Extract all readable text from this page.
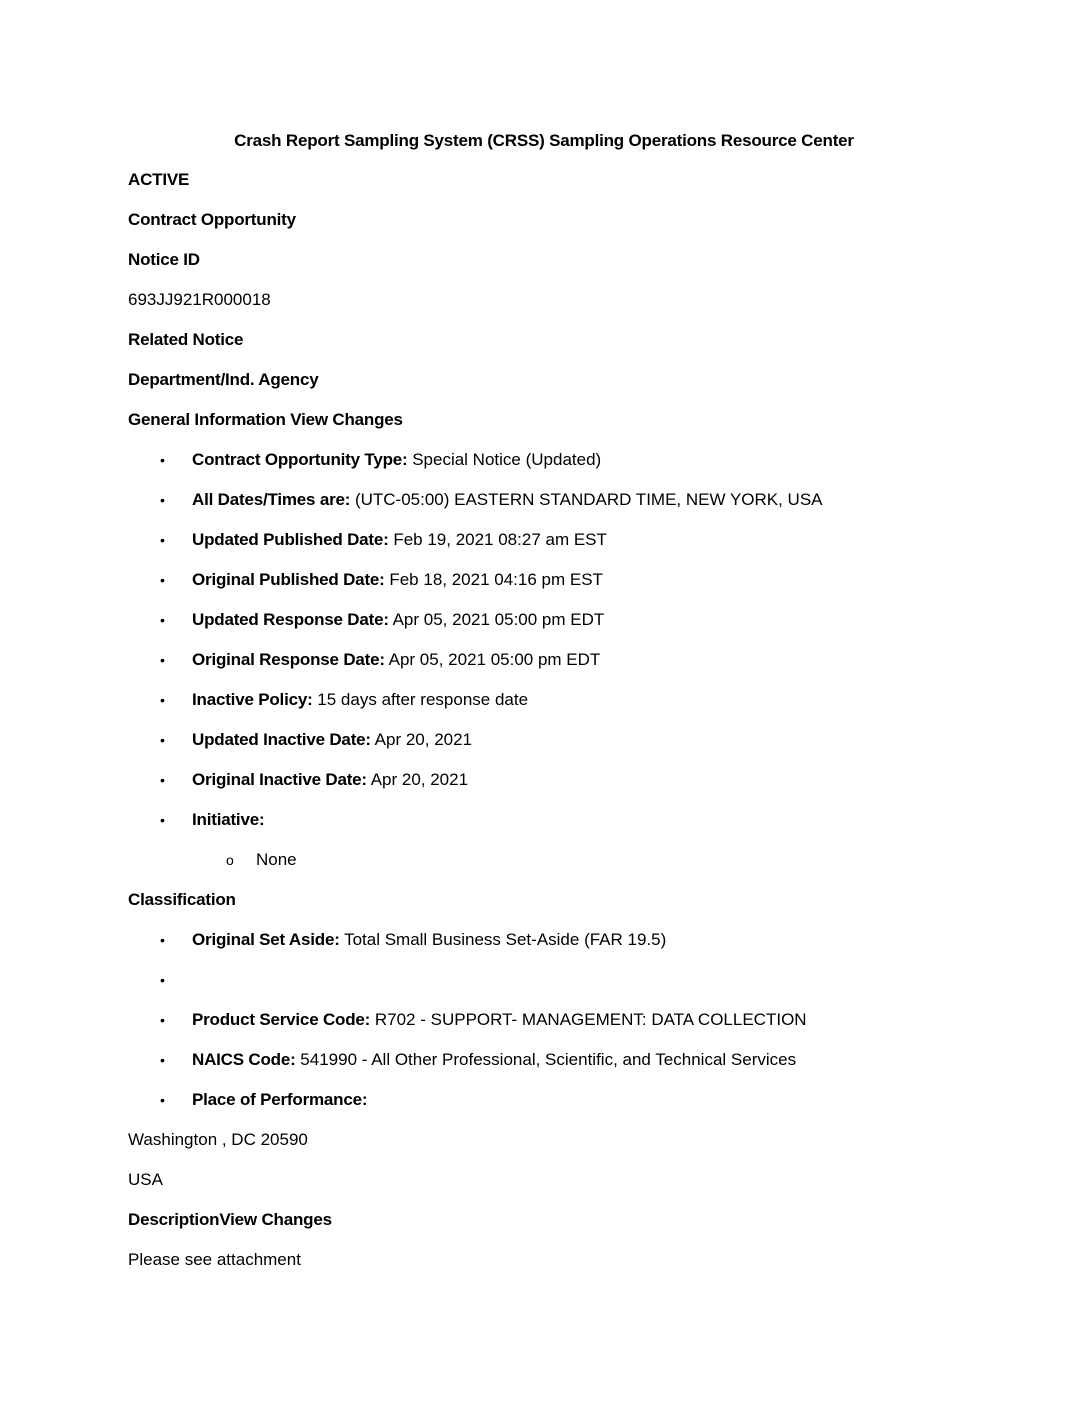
Crash Report Sampling System (CRSS) Sampling Operations Resource Center
ACTIVE
Contract Opportunity
Notice ID
693JJ921R000018
Related Notice
Department/Ind. Agency
General Information View Changes
• Contract Opportunity Type: Special Notice (Updated)
• All Dates/Times are: (UTC-05:00) EASTERN STANDARD TIME, NEW YORK, USA
• Updated Published Date: Feb 19, 2021 08:27 am EST
• Original Published Date: Feb 18, 2021 04:16 pm EST
• Updated Response Date: Apr 05, 2021 05:00 pm EDT
• Original Response Date: Apr 05, 2021 05:00 pm EDT
• Inactive Policy: 15 days after response date
• Updated Inactive Date: Apr 20, 2021
• Original Inactive Date: Apr 20, 2021
• Initiative:
o None
Classification
• Original Set Aside: Total Small Business Set-Aside (FAR 19.5)
•
• Product Service Code: R702 - SUPPORT- MANAGEMENT: DATA COLLECTION
• NAICS Code: 541990 - All Other Professional, Scientific, and Technical Services
• Place of Performance:
Washington , DC 20590
USA
DescriptionView Changes
Please see attachment
